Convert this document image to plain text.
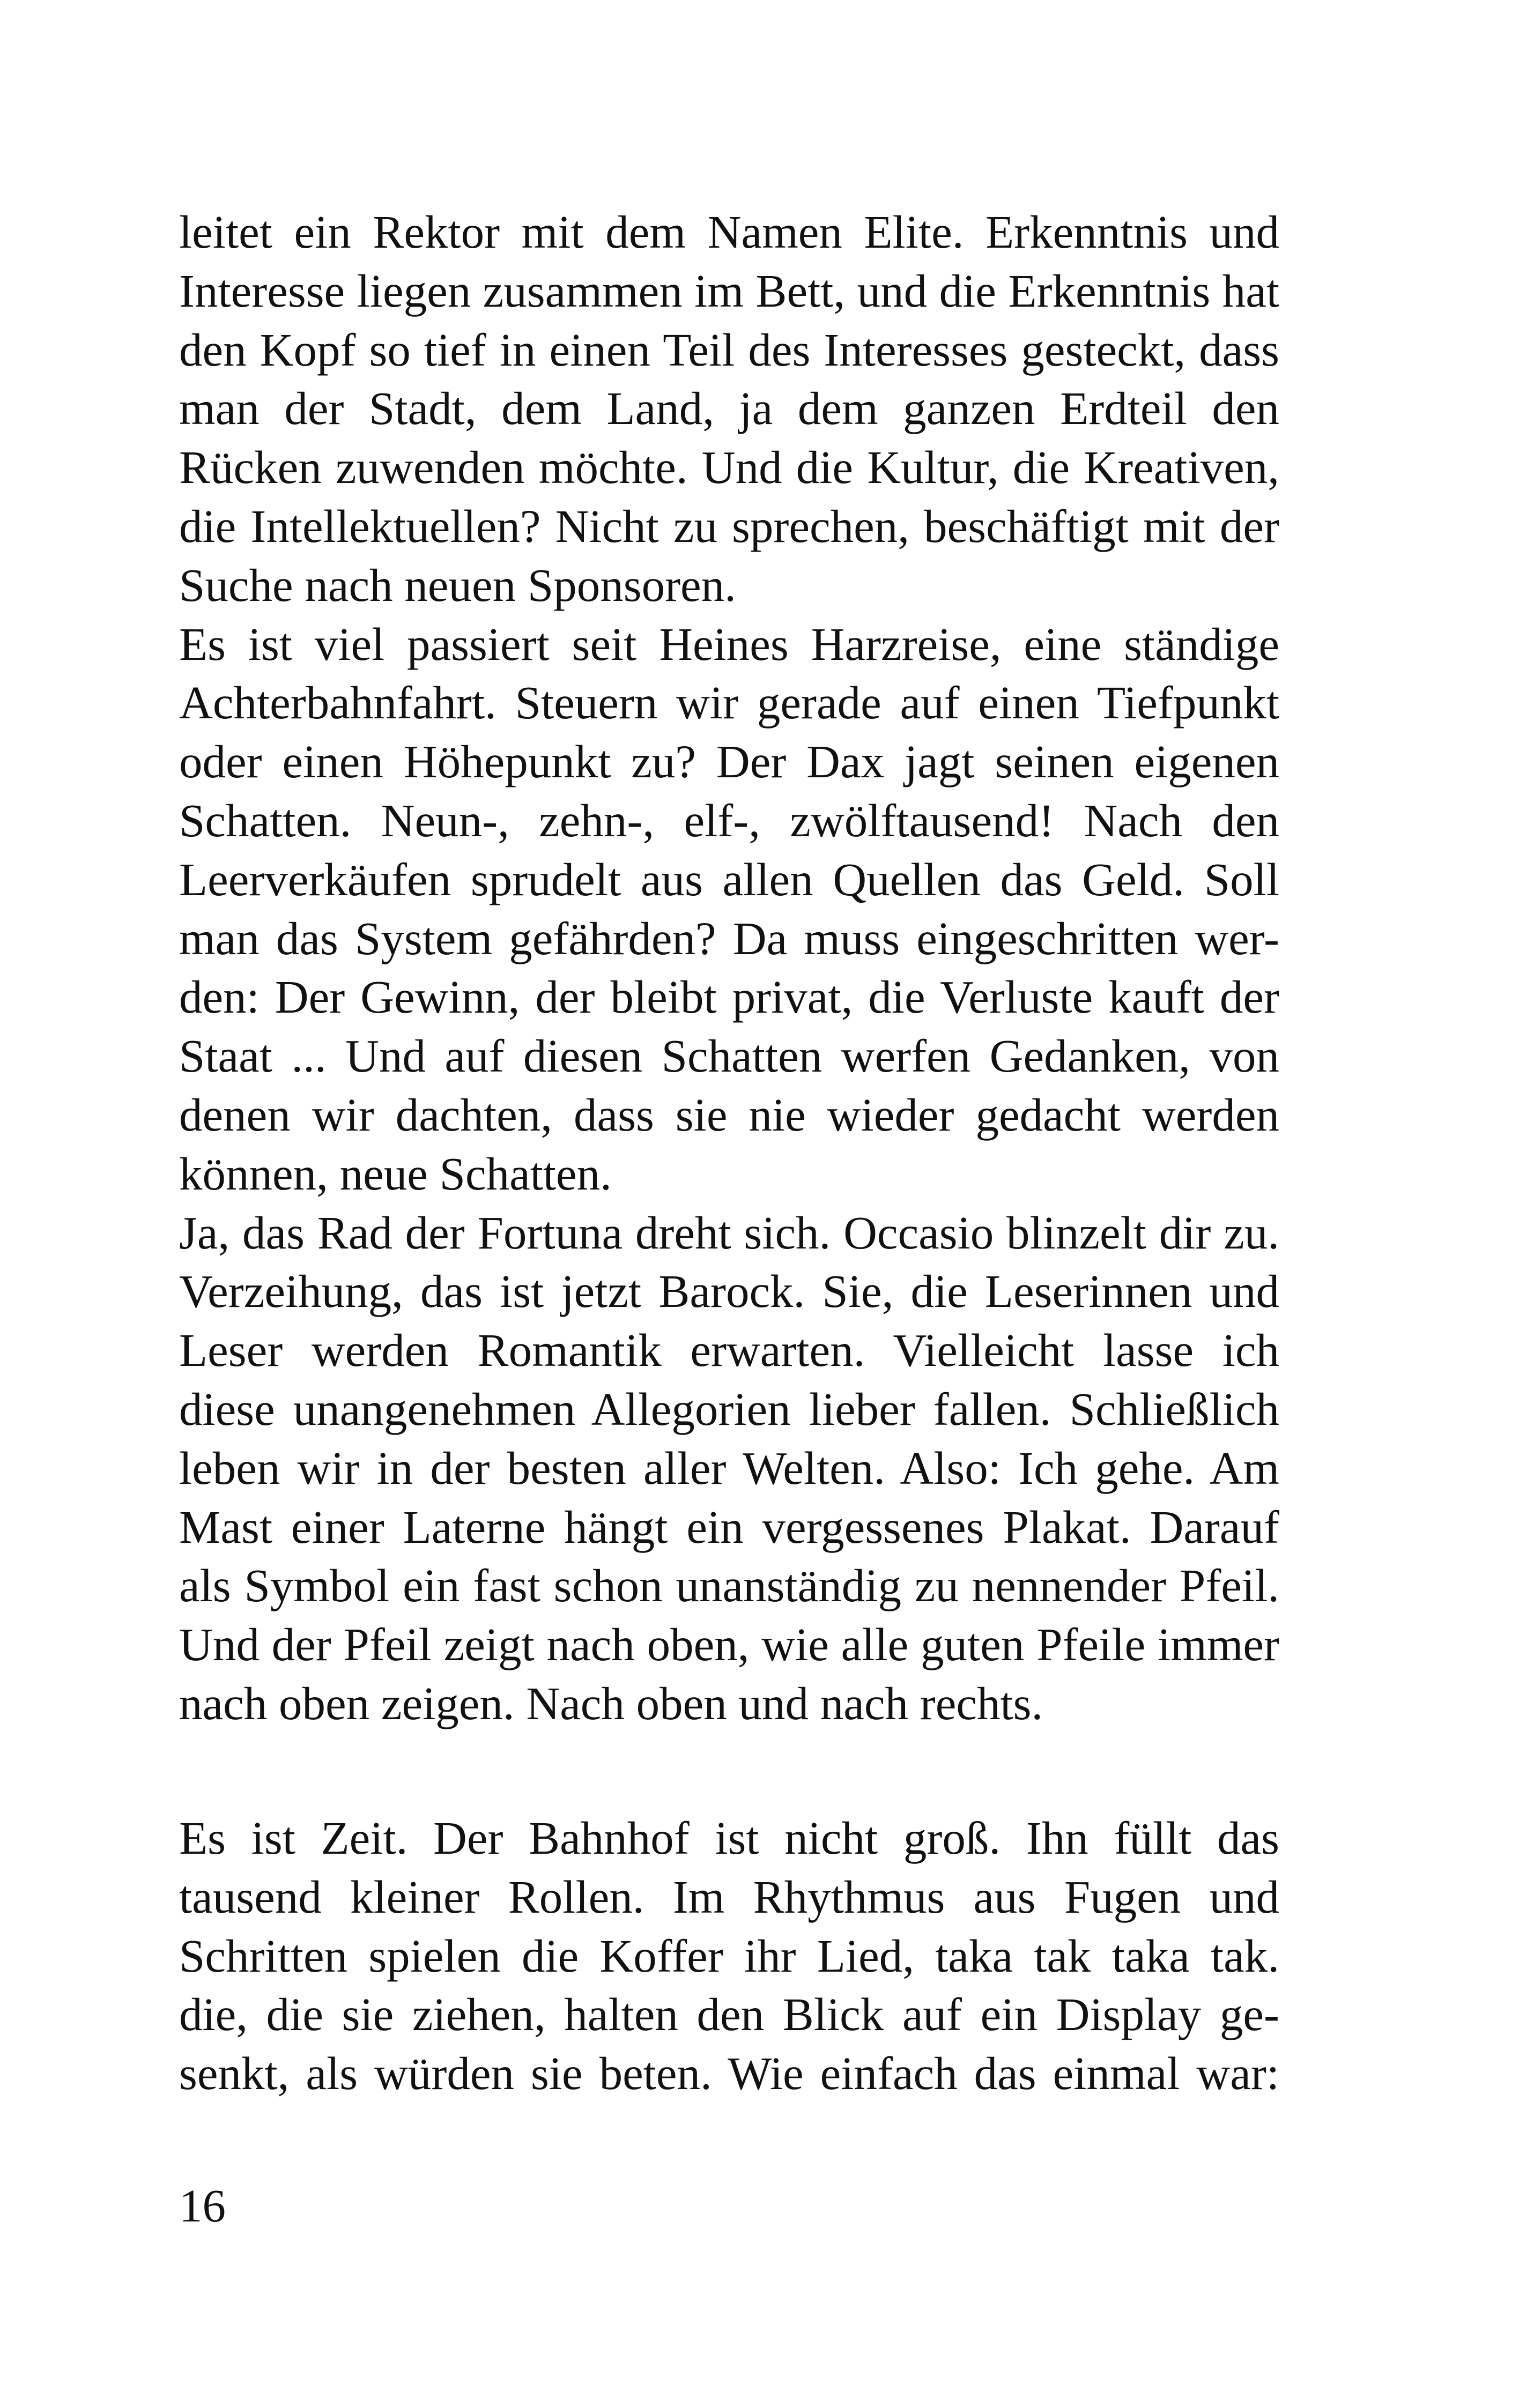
leitet ein Rektor mit dem Namen Elite. Erkenntnis und
Interesse liegen zusammen im Bett, und die Erkenntnis hat
den Kopf so tief in einen Teil des Interesses gesteckt, dass
man der Stadt, dem Land, ja dem ganzen Erdteil den
Rücken zuwenden möchte. Und die Kultur, die Kreativen,
die Intellektuellen? Nicht zu sprechen, beschäftigt mit der
Suche nach neuen Sponsoren.
Es ist viel passiert seit Heines Harzreise, eine ständige
Achterbahnfahrt. Steuern wir gerade auf einen Tiefpunkt
oder einen Höhepunkt zu? Der Dax jagt seinen eigenen
Schatten. Neun-, zehn-, elf-, zwölftausend! Nach den
Leerverkäufen sprudelt aus allen Quellen das Geld. Soll
man das System gefährden? Da muss eingeschritten wer-
den: Der Gewinn, der bleibt privat, die Verluste kauft der
Staat ... Und auf diesen Schatten werfen Gedanken, von
denen wir dachten, dass sie nie wieder gedacht werden
können, neue Schatten.
Ja, das Rad der Fortuna dreht sich. Occasio blinzelt dir zu.
Verzeihung, das ist jetzt Barock. Sie, die Leserinnen und
Leser werden Romantik erwarten. Vielleicht lasse ich
diese unangenehmen Allegorien lieber fallen. Schließlich
leben wir in der besten aller Welten. Also: Ich gehe. Am
Mast einer Laterne hängt ein vergessenes Plakat. Darauf
als Symbol ein fast schon unanständig zu nennender Pfeil.
Und der Pfeil zeigt nach oben, wie alle guten Pfeile immer
nach oben zeigen. Nach oben und nach rechts.
Es ist Zeit. Der Bahnhof ist nicht groß. Ihn füllt das
tausend kleiner Rollen. Im Rhythmus aus Fugen und
Schritten spielen die Koffer ihr Lied, taka tak taka tak.
die, die sie ziehen, halten den Blick auf ein Display ge-
senkt, als würden sie beten. Wie einfach das einmal war:
16
